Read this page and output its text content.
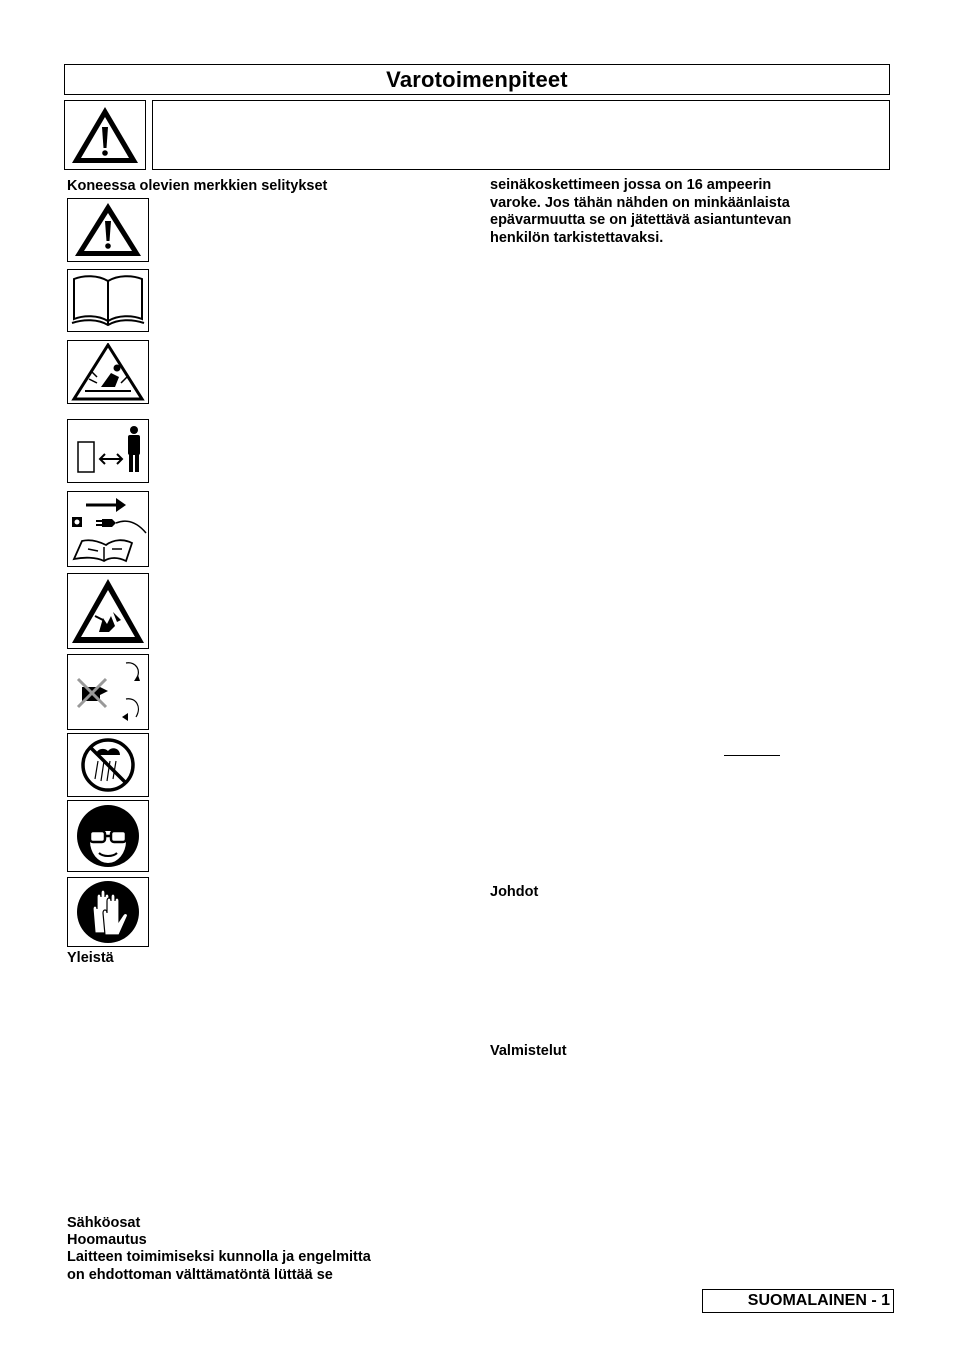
Varotoimenpiteet

Koneessa olevien merkkien selitykset

Yleistä

Sähköosat

Hoomautus

Laitteen toimimiseksi kunnolla ja engelmitta

on ehdottoman välttämatöntä lüttää se

seinäkoskettimeen jossa on 16 ampeerin

varoke. Jos tähän nähden on minkäänlaista

epävarmuutta se on jätettävä asiantuntevan

henkilön tarkistettavaksi.

Johdot

Valmistelut

SUOMALAINEN - 1
